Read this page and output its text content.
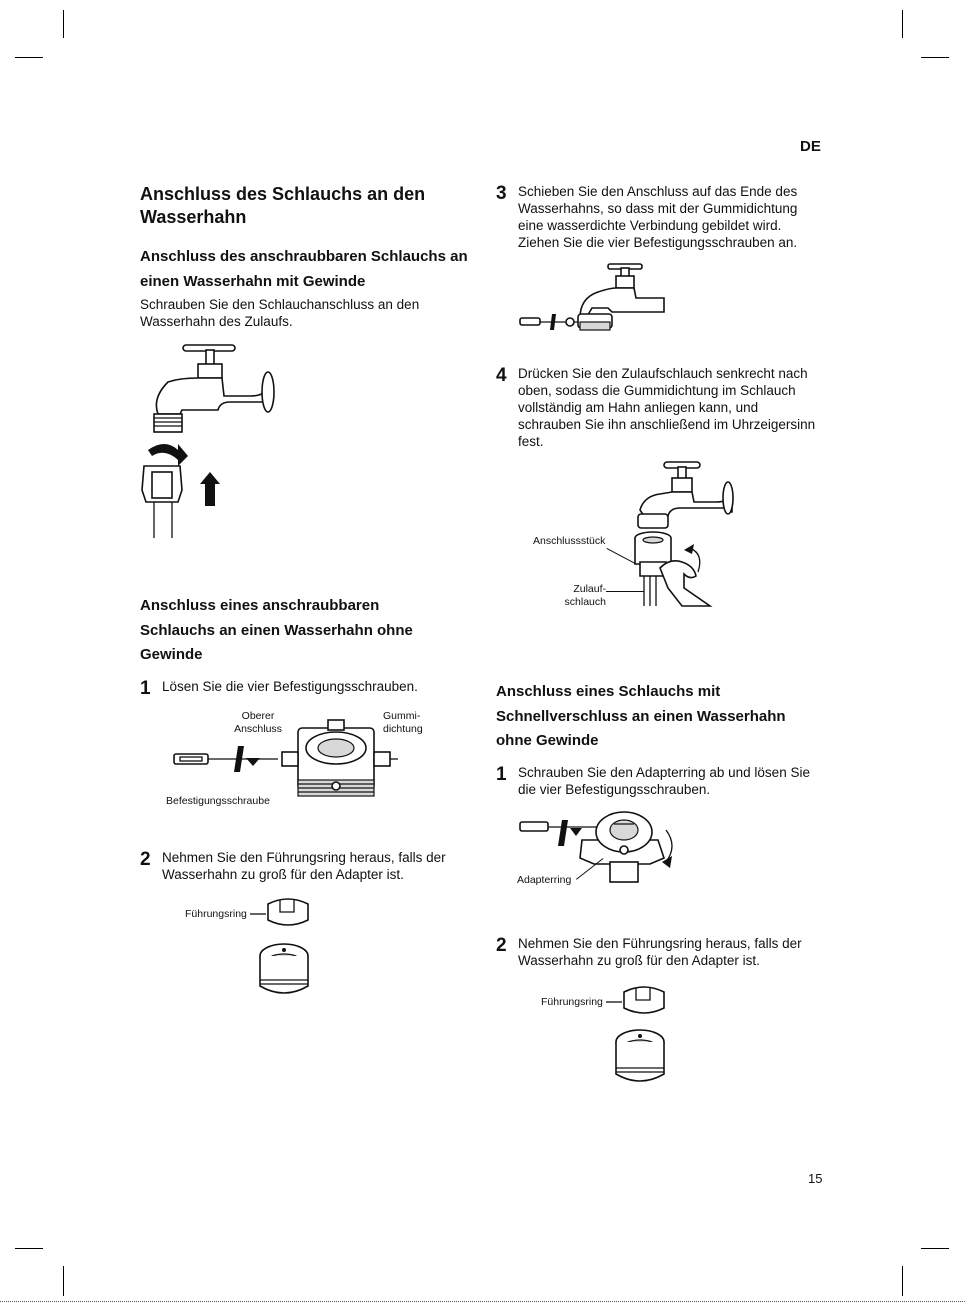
DE
Anschluss des Schlauchs an den Wasserhahn
Anschluss des anschraubbaren Schlauchs an einen Wasserhahn mit Gewinde
Schrauben Sie den Schlauchanschluss an den Wasserhahn des Zulaufs.
Anschluss eines anschraubbaren Schlauchs an einen Wasserhahn ohne Gewinde
1 Lösen Sie die vier Befestigungsschrauben.
Oberer Anschluss
Gummi- dichtung
Befestigungsschraube
2 Nehmen Sie den Führungsring heraus, falls der Wasserhahn zu groß für den Adapter ist.
Führungsring
3 Schieben Sie den Anschluss auf das Ende des Wasserhahns, so dass mit der Gummidichtung eine wasserdichte Verbindung gebildet wird. Ziehen Sie die vier Befestigungsschrauben an.
4 Drücken Sie den Zulaufschlauch senkrecht nach oben, sodass die Gummidichtung im Schlauch vollständig am Hahn anliegen kann, und schrauben Sie ihn anschließend im Uhrzeigersinn fest.
Anschlussstück
Zulauf- schlauch
Anschluss eines Schlauchs mit Schnellverschluss an einen Wasserhahn ohne Gewinde
1 Schrauben Sie den Adapterring ab und lösen Sie die vier Befestigungsschrauben.
Adapterring
2 Nehmen Sie den Führungsring heraus, falls der Wasserhahn zu groß für den Adapter ist.
Führungsring
15
